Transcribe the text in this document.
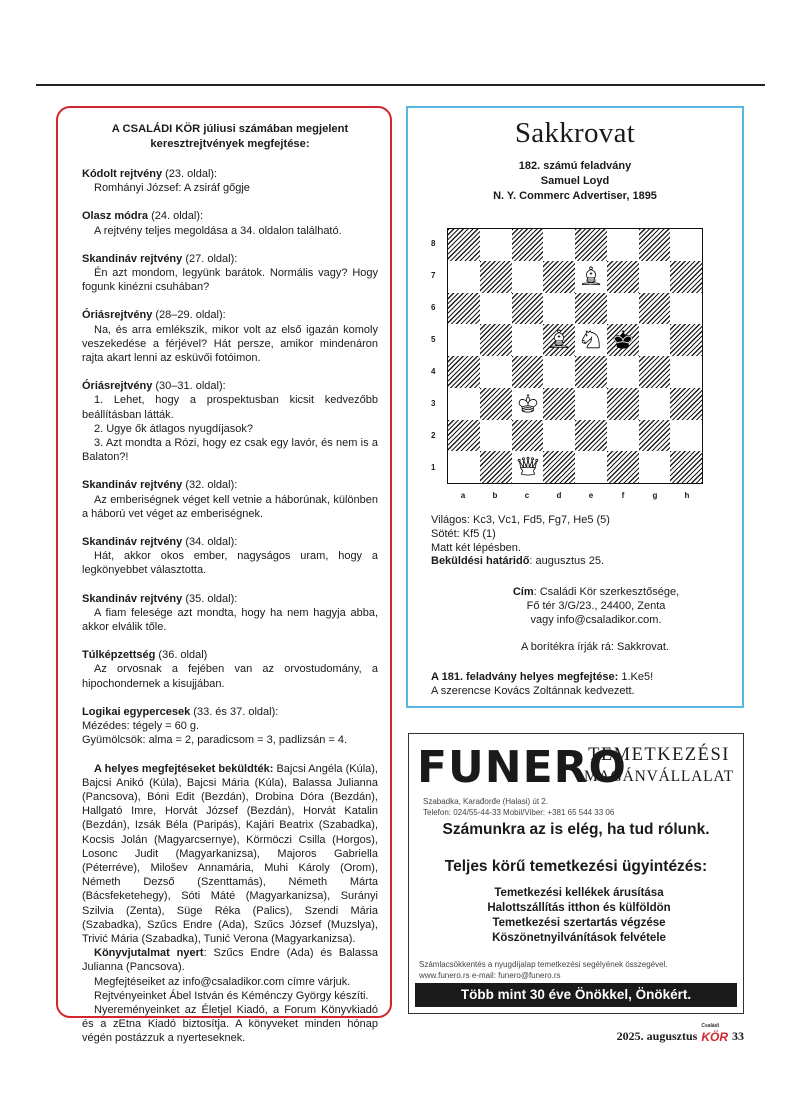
A CSALÁDI KÖR júliusi számában megjelent keresztrejtvények megfejtése:
Kódolt rejtvény (23. oldal):

Romhányi József: A zsiráf gőgje

Olasz módra (24. oldal):

A rejtvény teljes megoldása a 34. oldalon található.

Skandináv rejtvény (27. oldal):

Én azt mondom, legyünk barátok. Normális vagy? Hogy fogunk kinézni csuhában?

Óriásrejtvény (28–29. oldal):

Na, és arra emlékszik, mikor volt az első igazán komoly veszekedése a férjével? Hát persze, amikor mindenáron rajta akart lenni az esküvői fotóimon.

Óriásrejtvény (30–31. oldal):

1. Lehet, hogy a prospektusban kicsit kedvezőbb beállításban látták.

2. Ugye ők átlagos nyugdíjasok?

3. Azt mondta a Rózi, hogy ez csak egy lavór, és nem is a Balaton?!

Skandináv rejtvény (32. oldal):

Az emberiségnek véget kell vetnie a háborúnak, különben a háború vet véget az emberiségnek.

Skandináv rejtvény (34. oldal):

Hát, akkor okos ember, nagyságos uram, hogy a legkönyebbet választotta.

Skandináv rejtvény (35. oldal):

A fiam felesége azt mondta, hogy ha nem hagyja abba, akkor elválik tőle.

Túlképzettség (36. oldal)

Az orvosnak a fejében van az orvostudomány, a hipochondernek a kisujjában.

Logikai egypercesek (33. és 37. oldal):

Mézédes: tégely = 60 g.

Gyümölcsök: alma = 2, paradicsom = 3, padlizsán = 4.

A helyes megfejtéseket beküldték: Bajcsi Angéla (Kúla), Bajcsi Anikó (Kúla), Bajcsi Mária (Kúla), Balassa Julianna (Pancsova), Bóni Edit (Bezdán), Drobina Dóra (Bezdán), Hallgató Imre, Horvát József (Bezdán), Horvát Katalin (Bezdán), Izsák Béla (Paripás), Kajári Beatrix (Szabadka), Kocsis Jolán (Magyarcsernye), Körmöczi Csilla (Horgos), Losonc Judit (Magyarkanizsa), Majoros Gabriella (Péterréve), Milošev Annamária, Muhi Károly (Orom), Németh Dezső (Szenttamás), Németh Márta (Bácsfeketehegy), Sóti Máté (Magyarkanizsa), Surányi Szilvia (Zenta), Süge Réka (Palics), Szendi Mária (Szabadka), Szűcs Endre (Ada), Szűcs József (Muzslya), Trivić Mária (Szabadka), Tunić Verona (Magyarkanizsa).

Könyvjutalmat nyert: Szűcs Endre (Ada) és Balassa Julianna (Pancsova).

Megfejtéseiket az info@csaladikor.com címre várjuk.

Rejtvényeinket Ábel István és Kéménczy György készíti.

Nyereményeinket az Életjel Kiadó, a Forum Könyvkiadó és a zEtna Kiadó biztosítja. A könyveket minden hónap végén postázzuk a nyerteseknek.

Sakkrovat
182. számú feladvány
Samuel Loyd
N. Y. Commerc Advertiser, 1895
8
7
6
5
4
3
2
1
a	b	c	d	e	f	g	h
Világos: Kc3, Vc1, Fd5, Fg7, He5 (5)
Sötét: Kf5 (1)
Matt két lépésben.
Beküldési határidő: augusztus 25.
Cím: Családi Kör szerkesztősége,
Fő tér 3/G/23., 24400, Zenta
vagy info@csaladikor.com.
A borítékra írják rá: Sakkrovat.
A 181. feladvány helyes megfejtése: 1.Ke5!
A szerencse Kovács Zoltánnak kedvezett.
FUNERO
TEMETKEZÉSI
MAGÁNVÁLLALAT
Szabadka, Karađorđe (Halasi) út 2.
Telefon: 024/55-44-33 Mobil/Viber: +381 65 544 33 06
Számunkra az is elég, ha tud rólunk.
Teljes körű temetkezési ügyintézés:
Temetkezési kellékek árusítása
Halottszállítás itthon és külföldön
Temetkezési szertartás végzése
Köszönetnyilvánítások felvétele
Számlacsökkentés a nyugdíjalap temetkezési segélyének összegével.
www.funero.rs e-mail: funero@funero.rs
Több mint 30 éve Önökkel, Önökért.
2025. augusztus
Családi
KÖR 33
